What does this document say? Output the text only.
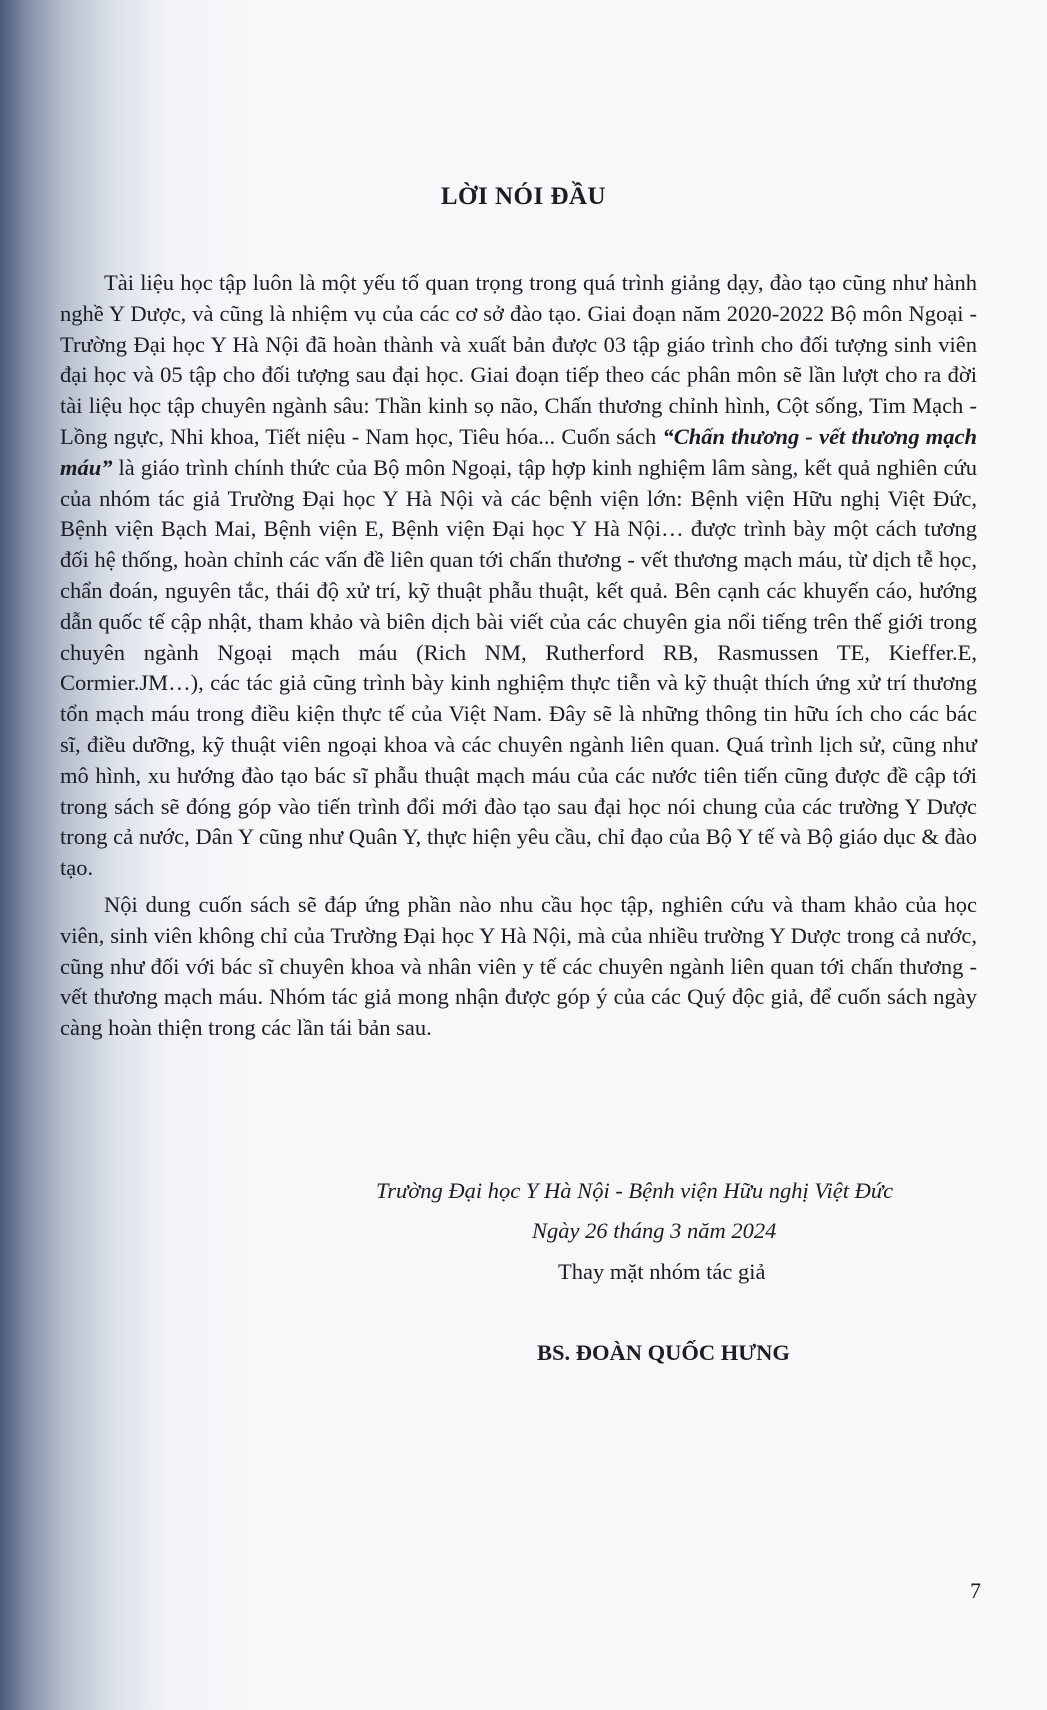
LỜI NÓI ĐẦU

Tài liệu học tập luôn là một yếu tố quan trọng trong quá trình giảng dạy, đào tạo cũng như hành nghề Y Dược, và cũng là nhiệm vụ của các cơ sở đào tạo. Giai đoạn năm 2020-2022 Bộ môn Ngoại - Trường Đại học Y Hà Nội đã hoàn thành và xuất bản được 03 tập giáo trình cho đối tượng sinh viên đại học và 05 tập cho đối tượng sau đại học. Giai đoạn tiếp theo các phân môn sẽ lần lượt cho ra đời tài liệu học tập chuyên ngành sâu: Thần kinh sọ não, Chấn thương chỉnh hình, Cột sống, Tim Mạch - Lồng ngực, Nhi khoa, Tiết niệu - Nam học, Tiêu hóa... Cuốn sách “Chấn thương - vết thương mạch máu” là giáo trình chính thức của Bộ môn Ngoại, tập hợp kinh nghiệm lâm sàng, kết quả nghiên cứu của nhóm tác giả Trường Đại học Y Hà Nội và các bệnh viện lớn: Bệnh viện Hữu nghị Việt Đức, Bệnh viện Bạch Mai, Bệnh viện E, Bệnh viện Đại học Y Hà Nội… được trình bày một cách tương đối hệ thống, hoàn chỉnh các vấn đề liên quan tới chấn thương - vết thương mạch máu, từ dịch tễ học, chẩn đoán, nguyên tắc, thái độ xử trí, kỹ thuật phẫu thuật, kết quả. Bên cạnh các khuyến cáo, hướng dẫn quốc tế cập nhật, tham khảo và biên dịch bài viết của các chuyên gia nổi tiếng trên thế giới trong chuyên ngành Ngoại mạch máu (Rich NM, Rutherford RB, Rasmussen TE, Kieffer.E, Cormier.JM…), các tác giả cũng trình bày kinh nghiệm thực tiễn và kỹ thuật thích ứng xử trí thương tổn mạch máu trong điều kiện thực tế của Việt Nam. Đây sẽ là những thông tin hữu ích cho các bác sĩ, điều dưỡng, kỹ thuật viên ngoại khoa và các chuyên ngành liên quan. Quá trình lịch sử, cũng như mô hình, xu hướng đào tạo bác sĩ phẫu thuật mạch máu của các nước tiên tiến cũng được đề cập tới trong sách sẽ đóng góp vào tiến trình đổi mới đào tạo sau đại học nói chung của các trường Y Dược trong cả nước, Dân Y cũng như Quân Y, thực hiện yêu cầu, chỉ đạo của Bộ Y tế và Bộ giáo dục & đào tạo.

Nội dung cuốn sách sẽ đáp ứng phần nào nhu cầu học tập, nghiên cứu và tham khảo của học viên, sinh viên không chỉ của Trường Đại học Y Hà Nội, mà của nhiều trường Y Dược trong cả nước, cũng như đối với bác sĩ chuyên khoa và nhân viên y tế các chuyên ngành liên quan tới chấn thương - vết thương mạch máu. Nhóm tác giả mong nhận được góp ý của các Quý độc giả, để cuốn sách ngày càng hoàn thiện trong các lần tái bản sau.

Trường Đại học Y Hà Nội - Bệnh viện Hữu nghị Việt Đức
Ngày 26 tháng 3 năm 2024
Thay mặt nhóm tác giả
BS. ĐOÀN QUỐC HƯNG
7
